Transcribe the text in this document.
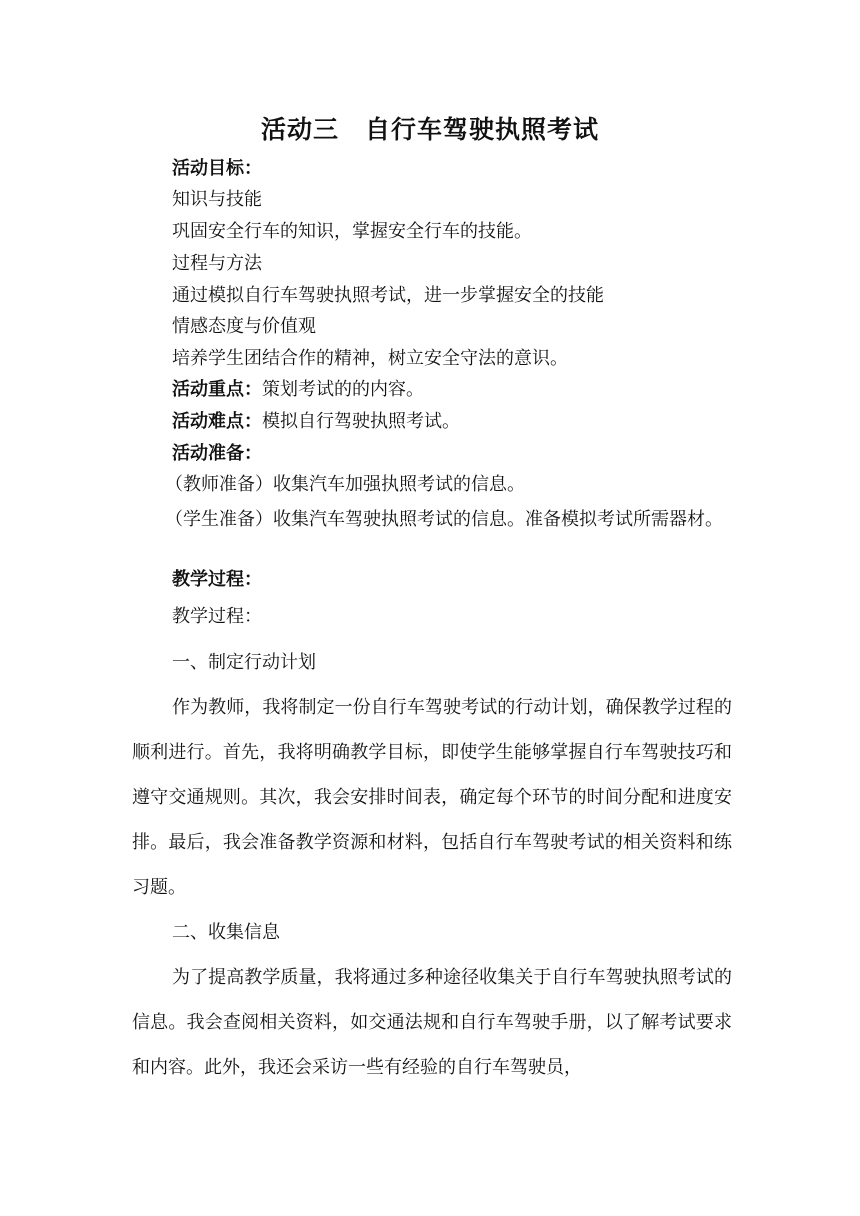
活动三　自行车驾驶执照考试
活动目标：
知识与技能
巩固安全行车的知识，掌握安全行车的技能。
过程与方法
通过模拟自行车驾驶执照考试，进一步掌握安全的技能
情感态度与价值观
培养学生团结合作的精神，树立安全守法的意识。
活动重点：策划考试的的内容。
活动难点：模拟自行驾驶执照考试。
活动准备：
（教师准备）收集汽车加强执照考试的信息。
（学生准备）收集汽车驾驶执照考试的信息。准备模拟考试所需器材。
教学过程：
教学过程：
一、制定行动计划
作为教师，我将制定一份自行车驾驶考试的行动计划，确保教学过程的顺利进行。首先，我将明确教学目标，即使学生能够掌握自行车驾驶技巧和遵守交通规则。其次，我会安排时间表，确定每个环节的时间分配和进度安排。最后，我会准备教学资源和材料，包括自行车驾驶考试的相关资料和练习题。
二、收集信息
为了提高教学质量，我将通过多种途径收集关于自行车驾驶执照考试的信息。我会查阅相关资料，如交通法规和自行车驾驶手册，以了解考试要求和内容。此外，我还会采访一些有经验的自行车驾驶员，
